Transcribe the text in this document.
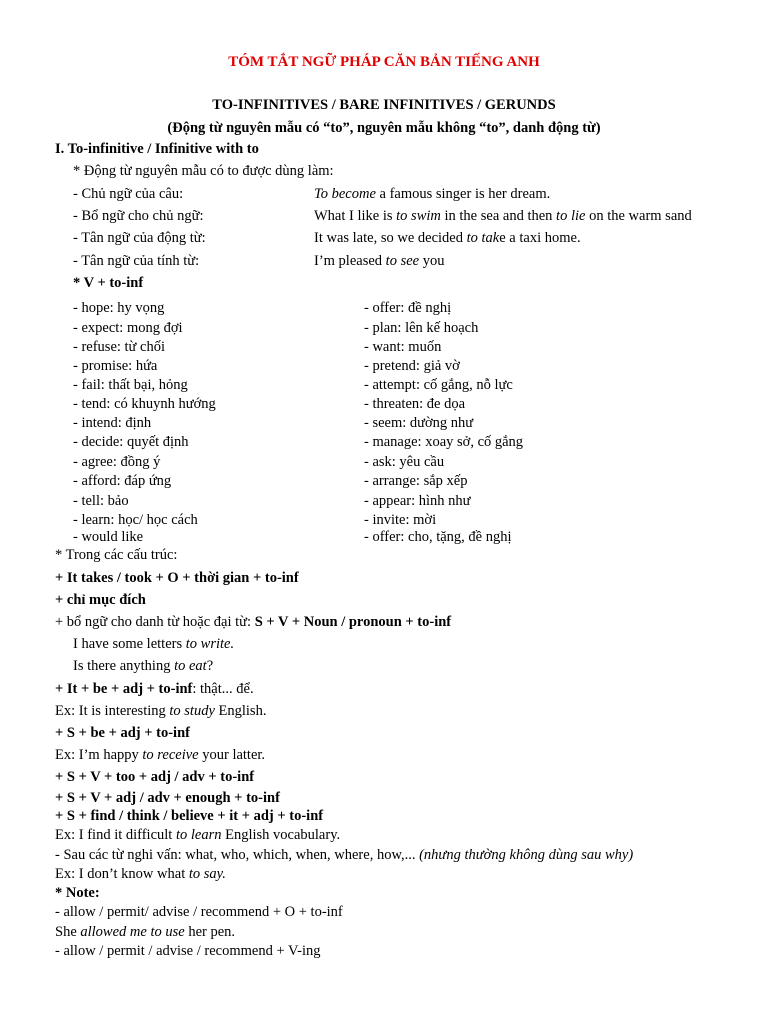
TÓM TẮT NGỮ PHÁP CĂN BẢN TIẾNG ANH
TO-INFINITIVES / BARE INFINITIVES / GERUNDS
(Động từ nguyên mẫu có “to”, nguyên mẫu không “to”, danh động từ)
I. To-infinitive / Infinitive with to
* Động từ nguyên mẫu có to được dùng làm:
- Chủ ngữ của câu:	To become a famous singer is her dream.
- Bổ ngữ cho chủ ngữ:	What I like is to swim in the sea and then to lie on the warm sand
- Tân ngữ của động từ:	It was late, so we decided to take a taxi home.
- Tân ngữ của tính từ:	I’m pleased to see you
* V + to-inf
- hope: hy vọng	- offer: đề nghị
- expect: mong đợi	- plan: lên kế hoạch
- refuse: từ chối	- want: muốn
- promise: hứa	- pretend: giả vờ
- fail: thất bại, hỏng	- attempt: cố gắng, nỗ lực
- tend: có khuynh hướng	- threaten: đe dọa
- intend: định	- seem: dường như
- decide: quyết định	- manage: xoay sở, cố gắng
- agree: đồng ý	- ask: yêu cầu
- afford: đáp ứng	- arrange: sắp xếp
- tell: bảo	- appear: hình như
- learn: học/ học cách	- invite: mời
- would like	- offer: cho, tặng, đề nghị
* Trong các cấu trúc:
+ It takes / took + O + thời gian + to-inf
+ chỉ mục đích
+ bổ ngữ cho danh từ hoặc đại từ: S + V + Noun / pronoun + to-inf
I have some letters to write.
Is there anything to eat?
+ It + be + adj + to-inf: thật... để.
Ex: It is interesting to study English.
+ S + be + adj + to-inf
Ex: I’m happy to receive your latter.
+ S + V + too + adj / adv + to-inf
+ S + V + adj / adv + enough + to-inf
+ S + find / think / believe + it + adj + to-inf
Ex: I find it difficult to learn English vocabulary.
- Sau các từ nghi vấn: what, who, which, when, where, how,... (nhưng thường không dùng sau why)
Ex: I don’t know what to say.
* Note:
- allow / permit/ advise / recommend + O + to-inf
She allowed me to use her pen.
- allow / permit / advise / recommend + V-ing
